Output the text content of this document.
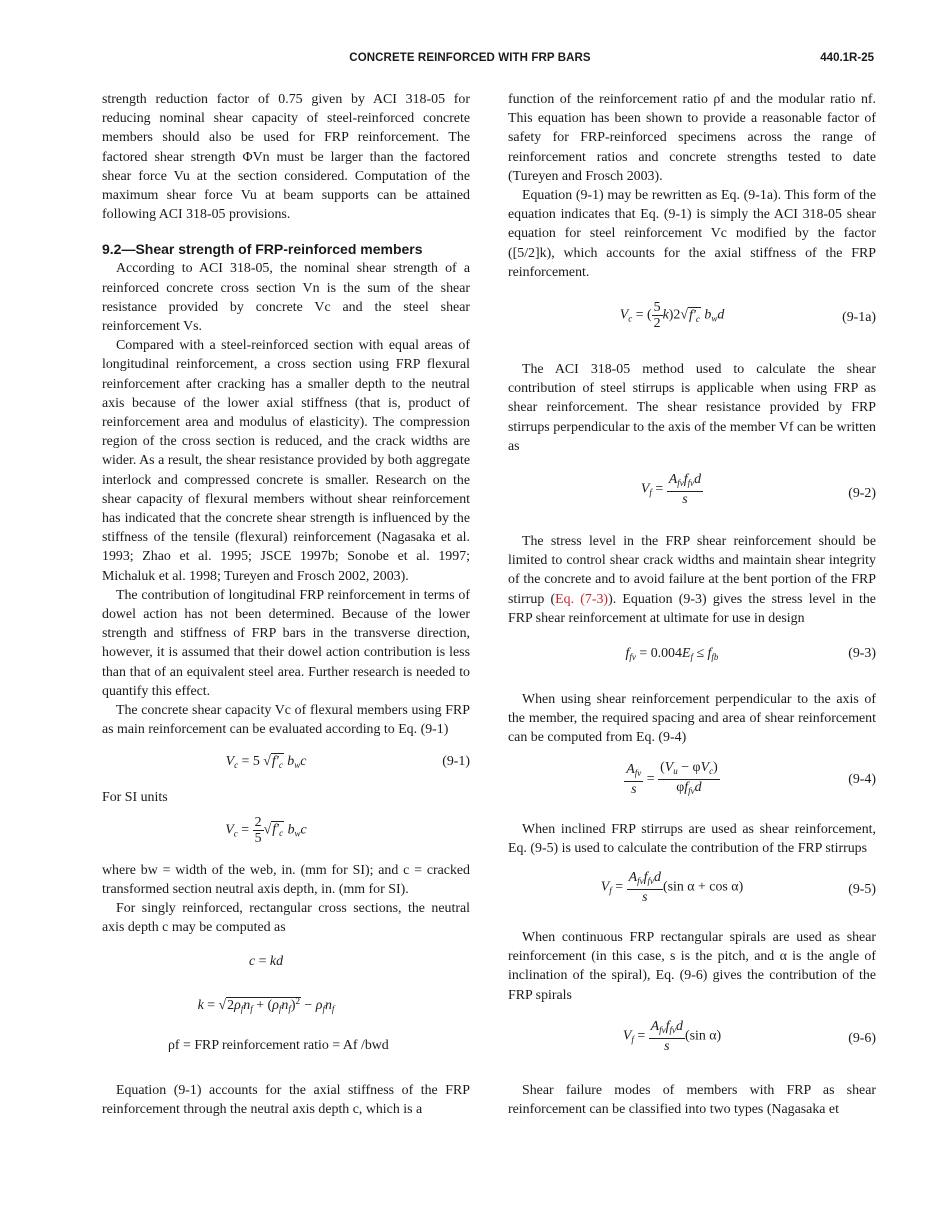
CONCRETE REINFORCED WITH FRP BARS	440.1R-25

strength reduction factor of 0.75 given by ACI 318-05 for reducing nominal shear capacity of steel-reinforced concrete members should also be used for FRP reinforcement. The factored shear strength ΦVn must be larger than the factored shear force Vu at the section considered. Computation of the maximum shear force Vu at beam supports can be attained following ACI 318-05 provisions.

9.2—Shear strength of FRP-reinforced members

According to ACI 318-05, the nominal shear strength of a reinforced concrete cross section Vn is the sum of the shear resistance provided by concrete Vc and the steel shear reinforcement Vs.

Compared with a steel-reinforced section with equal areas of longitudinal reinforcement, a cross section using FRP flexural reinforcement after cracking has a smaller depth to the neutral axis because of the lower axial stiffness (that is, product of reinforcement area and modulus of elasticity). The compression region of the cross section is reduced, and the crack widths are wider. As a result, the shear resistance provided by both aggregate interlock and compressed concrete is smaller. Research on the shear capacity of flexural members without shear reinforcement has indicated that the concrete shear strength is influenced by the stiffness of the tensile (flexural) reinforcement (Nagasaka et al. 1993; Zhao et al. 1995; JSCE 1997b; Sonobe et al. 1997; Michaluk et al. 1998; Tureyen and Frosch 2002, 2003).

The contribution of longitudinal FRP reinforcement in terms of dowel action has not been determined. Because of the lower strength and stiffness of FRP bars in the transverse direction, however, it is assumed that their dowel action contribution is less than that of an equivalent steel area. Further research is needed to quantify this effect.

The concrete shear capacity Vc of flexural members using FRP as main reinforcement can be evaluated according to Eq. (9-1)

$V_c = 5$ $√f'_c$ $b_wc$	(9-1)

For SI units

$V_c = \frac{2}{5} √f'_c$ $b_wc$

where bw = width of the web, in. (mm for SI); and c = cracked transformed section neutral axis depth, in. (mm for SI).

For singly reinforced, rectangular cross sections, the neutral axis depth c may be computed as

c = kd
$k = √2\rho_fn_f + (\rho_fn_f)^2 - \rho_fn_f$

ρf = FRP reinforcement ratio = Af /bwd

Equation (9-1) accounts for the axial stiffness of the FRP reinforcement through the neutral axis depth c, which is a

function of the reinforcement ratio ρf and the modular ratio nf. This equation has been shown to provide a reasonable factor of safety for FRP-reinforced specimens across the range of reinforcement ratios and concrete strengths tested to date (Tureyen and Frosch 2003).

Equation (9-1) may be rewritten as Eq. (9-1a). This form of the equation indicates that Eq. (9-1) is simply the ACI 318-05 shear equation for steel reinforcement Vc modified by the factor ([5/2]k), which accounts for the axial stiffness of the FRP reinforcement.

$V_c$ = ( $\frac{5}{2} k)2√f'_c$ $b_wd$	(9-1a)

The ACI 318-05 method used to calculate the shear contribution of steel stirrups is applicable when using FRP as shear reinforcement. The shear resistance provided by FRP stirrups perpendicular to the axis of the member Vf can be written as

$V_f = \frac{A_{fv}f_{fv}d}{s}$	(9-2)

The stress level in the FRP shear reinforcement should be limited to control shear crack widths and maintain shear integrity of the concrete and to avoid failure at the bent portion of the FRP stirrup (Eq. (7-3)). Equation (9-3) gives the stress level in the FRP shear reinforcement at ultimate for use in design

$f_{fv} = 0.004E_f \le f_{fb}$	(9-3)

When using shear reinforcement perpendicular to the axis of the member, the required spacing and area of shear reinforcement can be computed from Eq. (9-4)

$\frac{A_{fv}}{s} = \frac{(V_u - \varphi V_c)}{\varphi f_{fv}d}$	(9-4)

When inclined FRP stirrups are used as shear reinforcement, Eq. (9-5) is used to calculate the contribution of the FRP stirrups

$V_f = \frac{A_{fv}f_{fv}d}{s} (\sin$ α + cos α)	(9-5)

When continuous FRP rectangular spirals are used as shear reinforcement (in this case, s is the pitch, and α is the angle of inclination of the spiral), Eq. (9-6) gives the contribution of the FRP spirals

$V_f = \frac{A_{fv}f_{fv}d}{s} (\sin$ α)	(9-6)

Shear failure modes of members with FRP as shear reinforcement can be classified into two types (Nagasaka et
